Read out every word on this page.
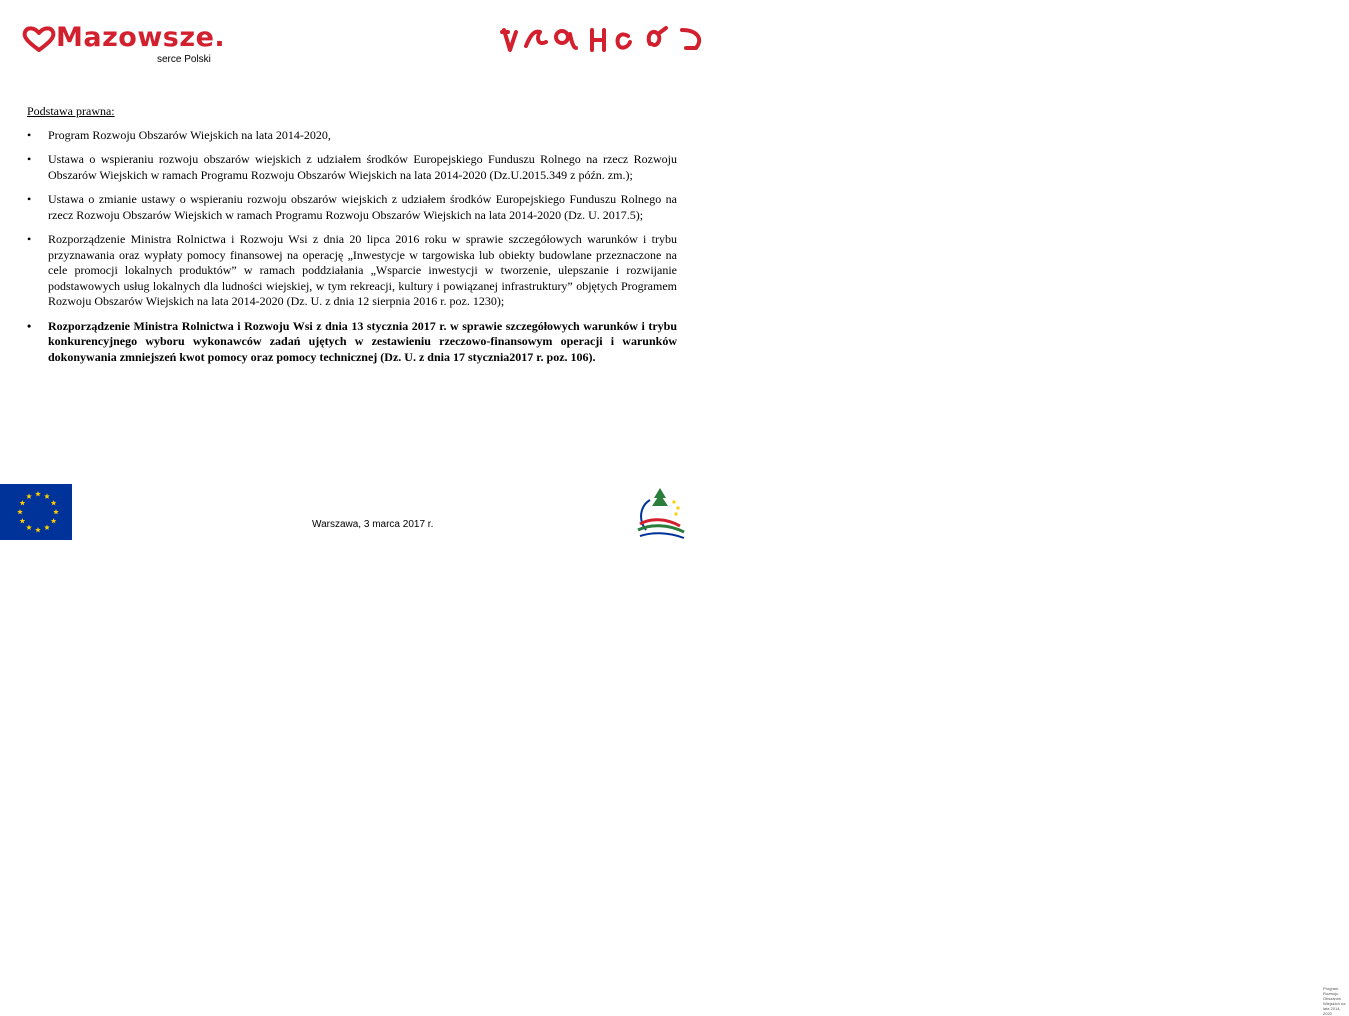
Mazowsze.
serce Polski

Podstawa prawna:

• Program Rozwoju Obszarów Wiejskich na lata 2014-2020,
• Ustawa o wspieraniu rozwoju obszarów wiejskich z udziałem środków Europejskiego Funduszu Rolnego na rzecz Rozwoju Obszarów Wiejskich w ramach Programu Rozwoju Obszarów Wiejskich na lata 2014-2020 (Dz.U.2015.349 z późn. zm.);
• Ustawa o zmianie ustawy o wspieraniu rozwoju obszarów wiejskich z udziałem środków Europejskiego Funduszu Rolnego na rzecz Rozwoju Obszarów Wiejskich w ramach Programu Rozwoju Obszarów Wiejskich na lata 2014-2020 (Dz. U. 2017.5);
• Rozporządzenie Ministra Rolnictwa i Rozwoju Wsi z dnia 20 lipca 2016 roku w sprawie szczegółowych warunków i trybu przyznawania oraz wypłaty pomocy finansowej na operację „Inwestycje w targowiska lub obiekty budowlane przeznaczone na cele promocji lokalnych produktów” w ramach poddziałania „Wsparcie inwestycji w tworzenie, ulepszanie i rozwijanie podstawowych usług lokalnych dla ludności wiejskiej, w tym rekreacji, kultury i powiązanej infrastruktury” objętych Programem Rozwoju Obszarów Wiejskich na lata 2014-2020 (Dz. U. z dnia 12 sierpnia 2016 r. poz. 1230);
• Rozporządzenie Ministra Rolnictwa i Rozwoju Wsi z dnia 13 stycznia 2017 r. w sprawie szczegółowych warunków i trybu konkurencyjnego wyboru wykonawców zadań ujętych w zestawieniu rzeczowo-finansowym operacji i warunków dokonywania zmniejszeń kwot pomocy oraz pomocy technicznej (Dz. U. z dnia 17 stycznia2017 r. poz. 106).
Warszawa, 3 marca 2017 r.
Program Rozwoju Obszarów Wiejskich na lata 2014-2020
